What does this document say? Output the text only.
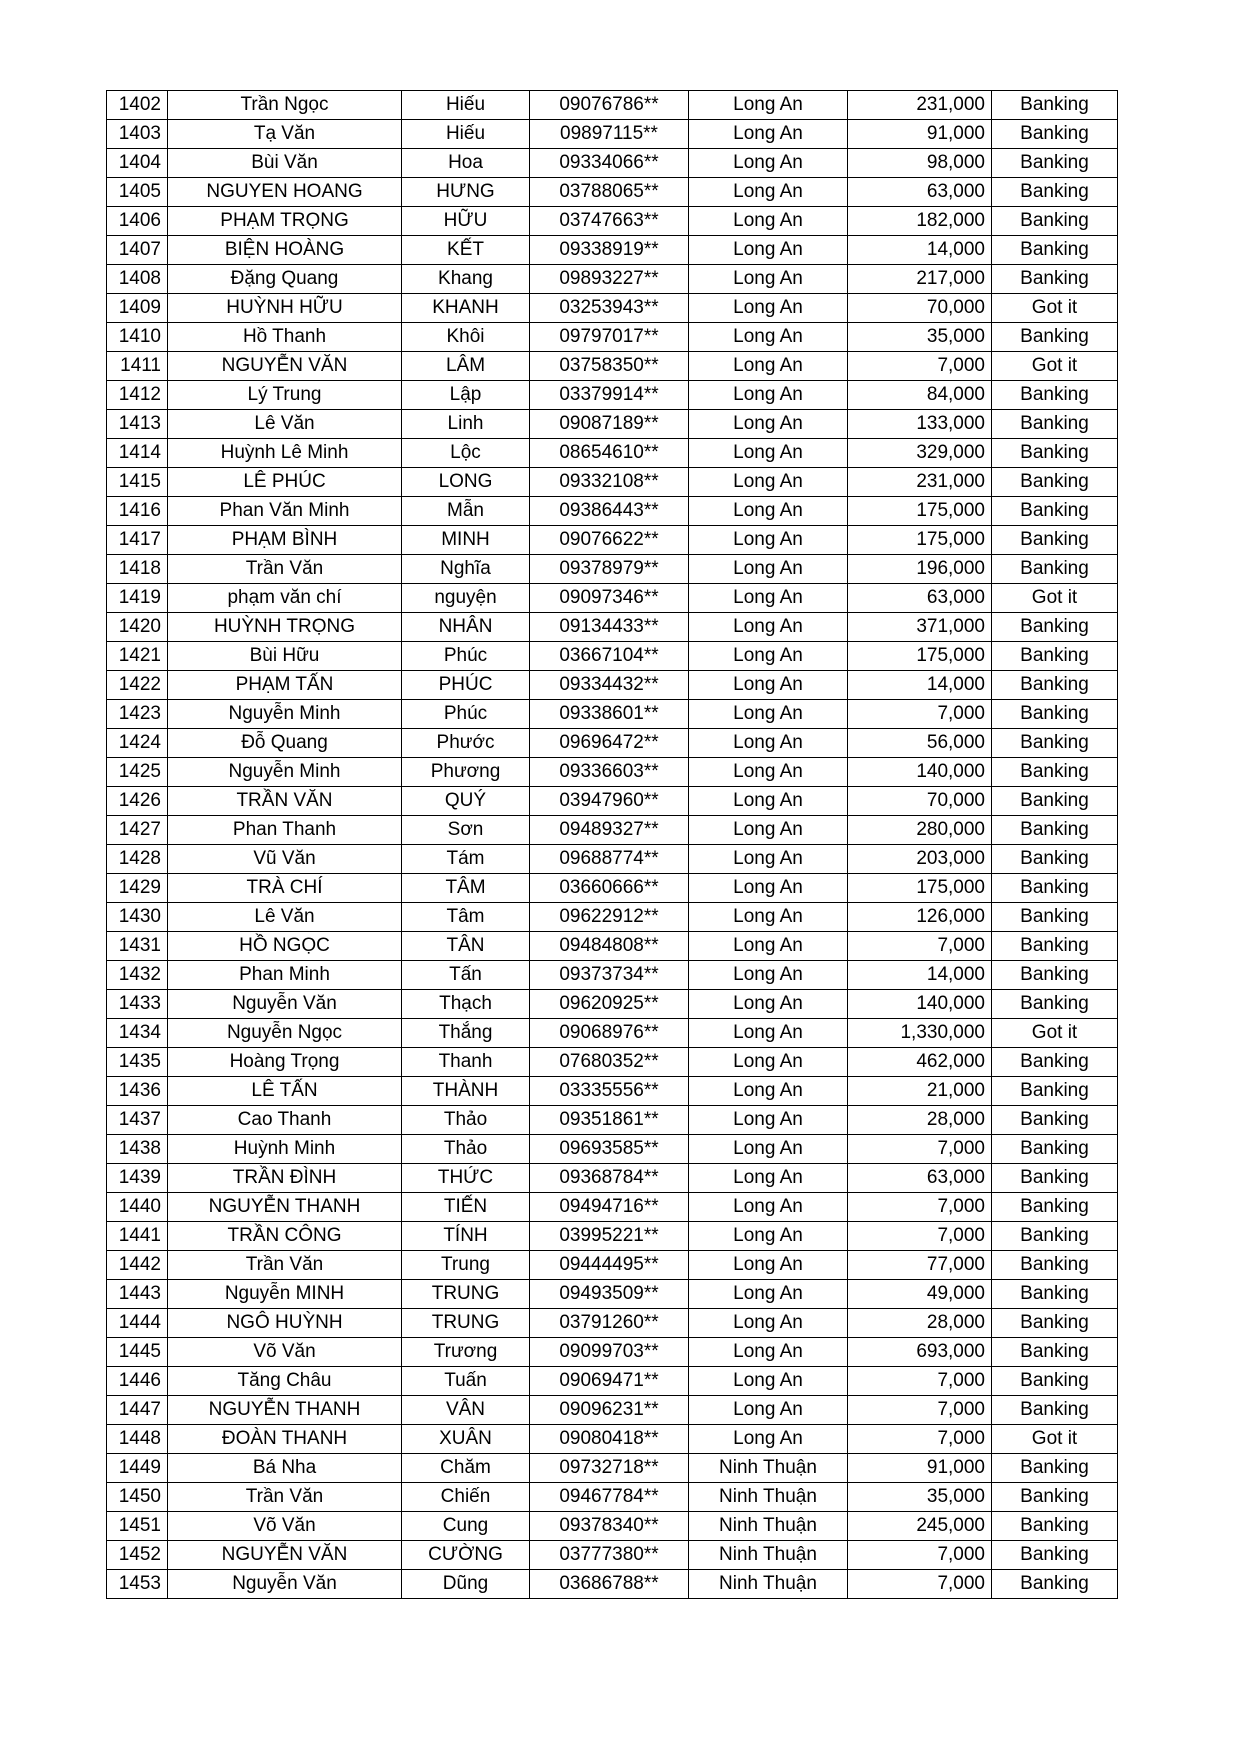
1402	Trần Ngọc	Hiếu	09076786**	Long An	231,000	Banking
1403	Tạ Văn	Hiếu	09897115**	Long An	91,000	Banking
1404	Bùi Văn	Hoa	09334066**	Long An	98,000	Banking
1405	NGUYEN HOANG	HƯNG	03788065**	Long An	63,000	Banking
1406	PHẠM TRỌNG	HỮU	03747663**	Long An	182,000	Banking
1407	BIỆN HOÀNG	KẾT	09338919**	Long An	14,000	Banking
1408	Đặng Quang	Khang	09893227**	Long An	217,000	Banking
1409	HUỲNH HỮU	KHANH	03253943**	Long An	70,000	Got it
1410	Hồ Thanh	Khôi	09797017**	Long An	35,000	Banking
1411	NGUYỄN VĂN	LÂM	03758350**	Long An	7,000	Got it
1412	Lý Trung	Lập	03379914**	Long An	84,000	Banking
1413	Lê Văn	Linh	09087189**	Long An	133,000	Banking
1414	Huỳnh Lê Minh	Lộc	08654610**	Long An	329,000	Banking
1415	LÊ PHÚC	LONG	09332108**	Long An	231,000	Banking
1416	Phan Văn Minh	Mẫn	09386443**	Long An	175,000	Banking
1417	PHẠM BÌNH	MINH	09076622**	Long An	175,000	Banking
1418	Trần Văn	Nghĩa	09378979**	Long An	196,000	Banking
1419	phạm văn chí	nguyện	09097346**	Long An	63,000	Got it
1420	HUỲNH TRỌNG	NHÂN	09134433**	Long An	371,000	Banking
1421	Bùi Hữu	Phúc	03667104**	Long An	175,000	Banking
1422	PHẠM TẤN	PHÚC	09334432**	Long An	14,000	Banking
1423	Nguyễn Minh	Phúc	09338601**	Long An	7,000	Banking
1424	Đỗ Quang	Phước	09696472**	Long An	56,000	Banking
1425	Nguyễn Minh	Phương	09336603**	Long An	140,000	Banking
1426	TRẦN VĂN	QUÝ	03947960**	Long An	70,000	Banking
1427	Phan Thanh	Sơn	09489327**	Long An	280,000	Banking
1428	Vũ Văn	Tám	09688774**	Long An	203,000	Banking
1429	TRÀ CHÍ	TÂM	03660666**	Long An	175,000	Banking
1430	Lê Văn	Tâm	09622912**	Long An	126,000	Banking
1431	HỒ NGỌC	TÂN	09484808**	Long An	7,000	Banking
1432	Phan Minh	Tấn	09373734**	Long An	14,000	Banking
1433	Nguyễn Văn	Thạch	09620925**	Long An	140,000	Banking
1434	Nguyễn Ngọc	Thắng	09068976**	Long An	1,330,000	Got it
1435	Hoàng Trọng	Thanh	07680352**	Long An	462,000	Banking
1436	LÊ TẤN	THÀNH	03335556**	Long An	21,000	Banking
1437	Cao Thanh	Thảo	09351861**	Long An	28,000	Banking
1438	Huỳnh Minh	Thảo	09693585**	Long An	7,000	Banking
1439	TRẦN ĐÌNH	THỨC	09368784**	Long An	63,000	Banking
1440	NGUYỄN THANH	TIẾN	09494716**	Long An	7,000	Banking
1441	TRẦN CÔNG	TÍNH	03995221**	Long An	7,000	Banking
1442	Trần Văn	Trung	09444495**	Long An	77,000	Banking
1443	Nguyễn MINH	TRUNG	09493509**	Long An	49,000	Banking
1444	NGÔ HUỲNH	TRUNG	03791260**	Long An	28,000	Banking
1445	Võ Văn	Trương	09099703**	Long An	693,000	Banking
1446	Tăng Châu	Tuấn	09069471**	Long An	7,000	Banking
1447	NGUYỄN THANH	VÂN	09096231**	Long An	7,000	Banking
1448	ĐOÀN THANH	XUÂN	09080418**	Long An	7,000	Got it
1449	Bá Nha	Chăm	09732718**	Ninh Thuận	91,000	Banking
1450	Trần Văn	Chiến	09467784**	Ninh Thuận	35,000	Banking
1451	Võ Văn	Cung	09378340**	Ninh Thuận	245,000	Banking
1452	NGUYỄN VĂN	CƯỜNG	03777380**	Ninh Thuận	7,000	Banking
1453	Nguyễn Văn	Dũng	03686788**	Ninh Thuận	7,000	Banking
